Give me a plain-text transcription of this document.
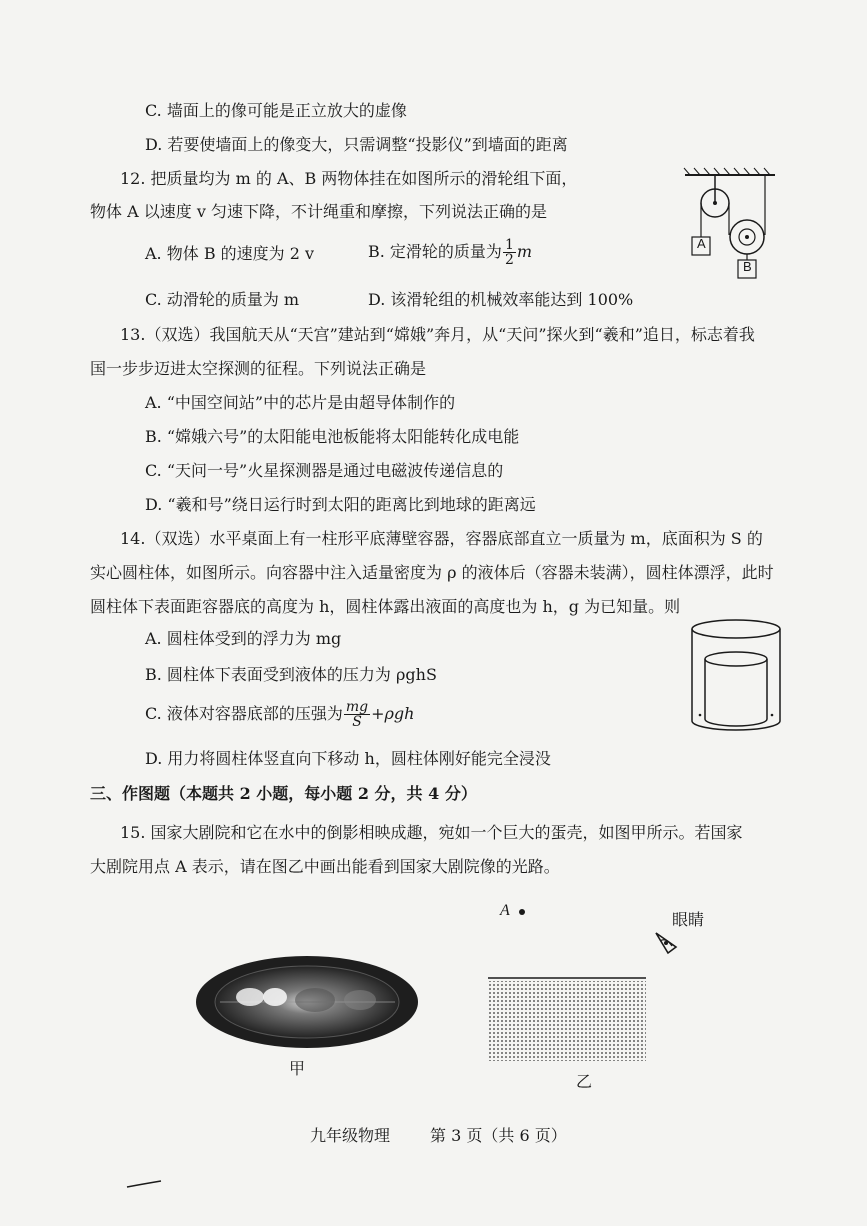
C. 墙面上的像可能是正立放大的虚像
D. 若要使墙面上的像变大，只需调整“投影仪”到墙面的距离
12. 把质量均为 m 的 A、B 两物体挂在如图所示的滑轮组下面，
物体 A 以速度 v 匀速下降，不计绳重和摩擦，下列说法正确的是
A. 物体 B 的速度为 2 v	B. 定滑轮的质量为 $\frac{1}{2}$ m
C. 动滑轮的质量为 m	D. 该滑轮组的机械效率能达到 100%
A
B
13.（双选）我国航天从“天宫”建站到“嫦娥”奔月，从“天问”探火到“羲和”追日，标志着我
国一步步迈进太空探测的征程。下列说法正确是
A. “中国空间站”中的芯片是由超导体制作的
B. “嫦娥六号”的太阳能电池板能将太阳能转化成电能
C. “天问一号”火星探测器是通过电磁波传递信息的
D. “羲和号”绕日运行时到太阳的距离比到地球的距离远
14.（双选）水平桌面上有一柱形平底薄壁容器，容器底部直立一质量为 m，底面积为 S 的
实心圆柱体，如图所示。向容器中注入适量密度为 ρ 的液体后（容器未装满），圆柱体漂浮，此时
圆柱体下表面距容器底的高度为 h，圆柱体露出液面的高度也为 h，g 为已知量。则
A. 圆柱体受到的浮力为 mg
B. 圆柱体下表面受到液体的压力为 ρghS
C. 液体对容器底部的压强为 $\frac{mg}{S} +\rho gh$
D. 用力将圆柱体竖直向下移动 h，圆柱体刚好能完全浸没
三、作图题（本题共 2 小题，每小题 2 分，共 4 分）
15. 国家大剧院和它在水中的倒影相映成趣，宛如一个巨大的蛋壳，如图甲所示。若国家
大剧院用点 A 表示，请在图乙中画出能看到国家大剧院像的光路。
甲
A	眼睛
乙
九年级物理 第 3 页（共 6 页）
